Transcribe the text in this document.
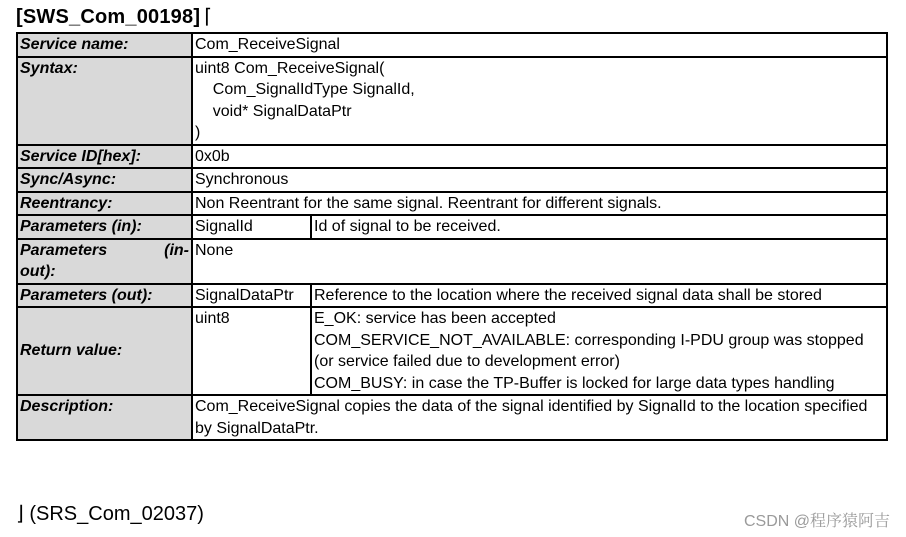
[SWS_Com_00198] ⌈
Service name:	Com_ReceiveSignal	
Syntax:	uint8 Com_ReceiveSignal(
Com_SignalIdType SignalId,
void* SignalDataPtr
)	

Service ID[hex]:	0x0b	
Sync/Async:	Synchronous	
Reentrancy:	Non Reentrant for the same signal. Reentrant for different signals.	
Parameters (in):	SignalId	Id of signal to be received.

Parameters (in-
out):	None	
Parameters (out):	SignalDataPtr	Reference to the location where the received signal data shall be stored
Return value:	uint8	E_OK: service has been accepted
COM_SERVICE_NOT_AVAILABLE: corresponding I-PDU group was stopped (or service failed due to development error)
COM_BUSY: in case the TP-Buffer is locked for large data types handling

Description:	Com_ReceiveSignal copies the data of the signal identified by SignalId to the location specified by SignalDataPtr.	
⌋ (SRS_Com_02037)	CSDN @程序猿阿吉
